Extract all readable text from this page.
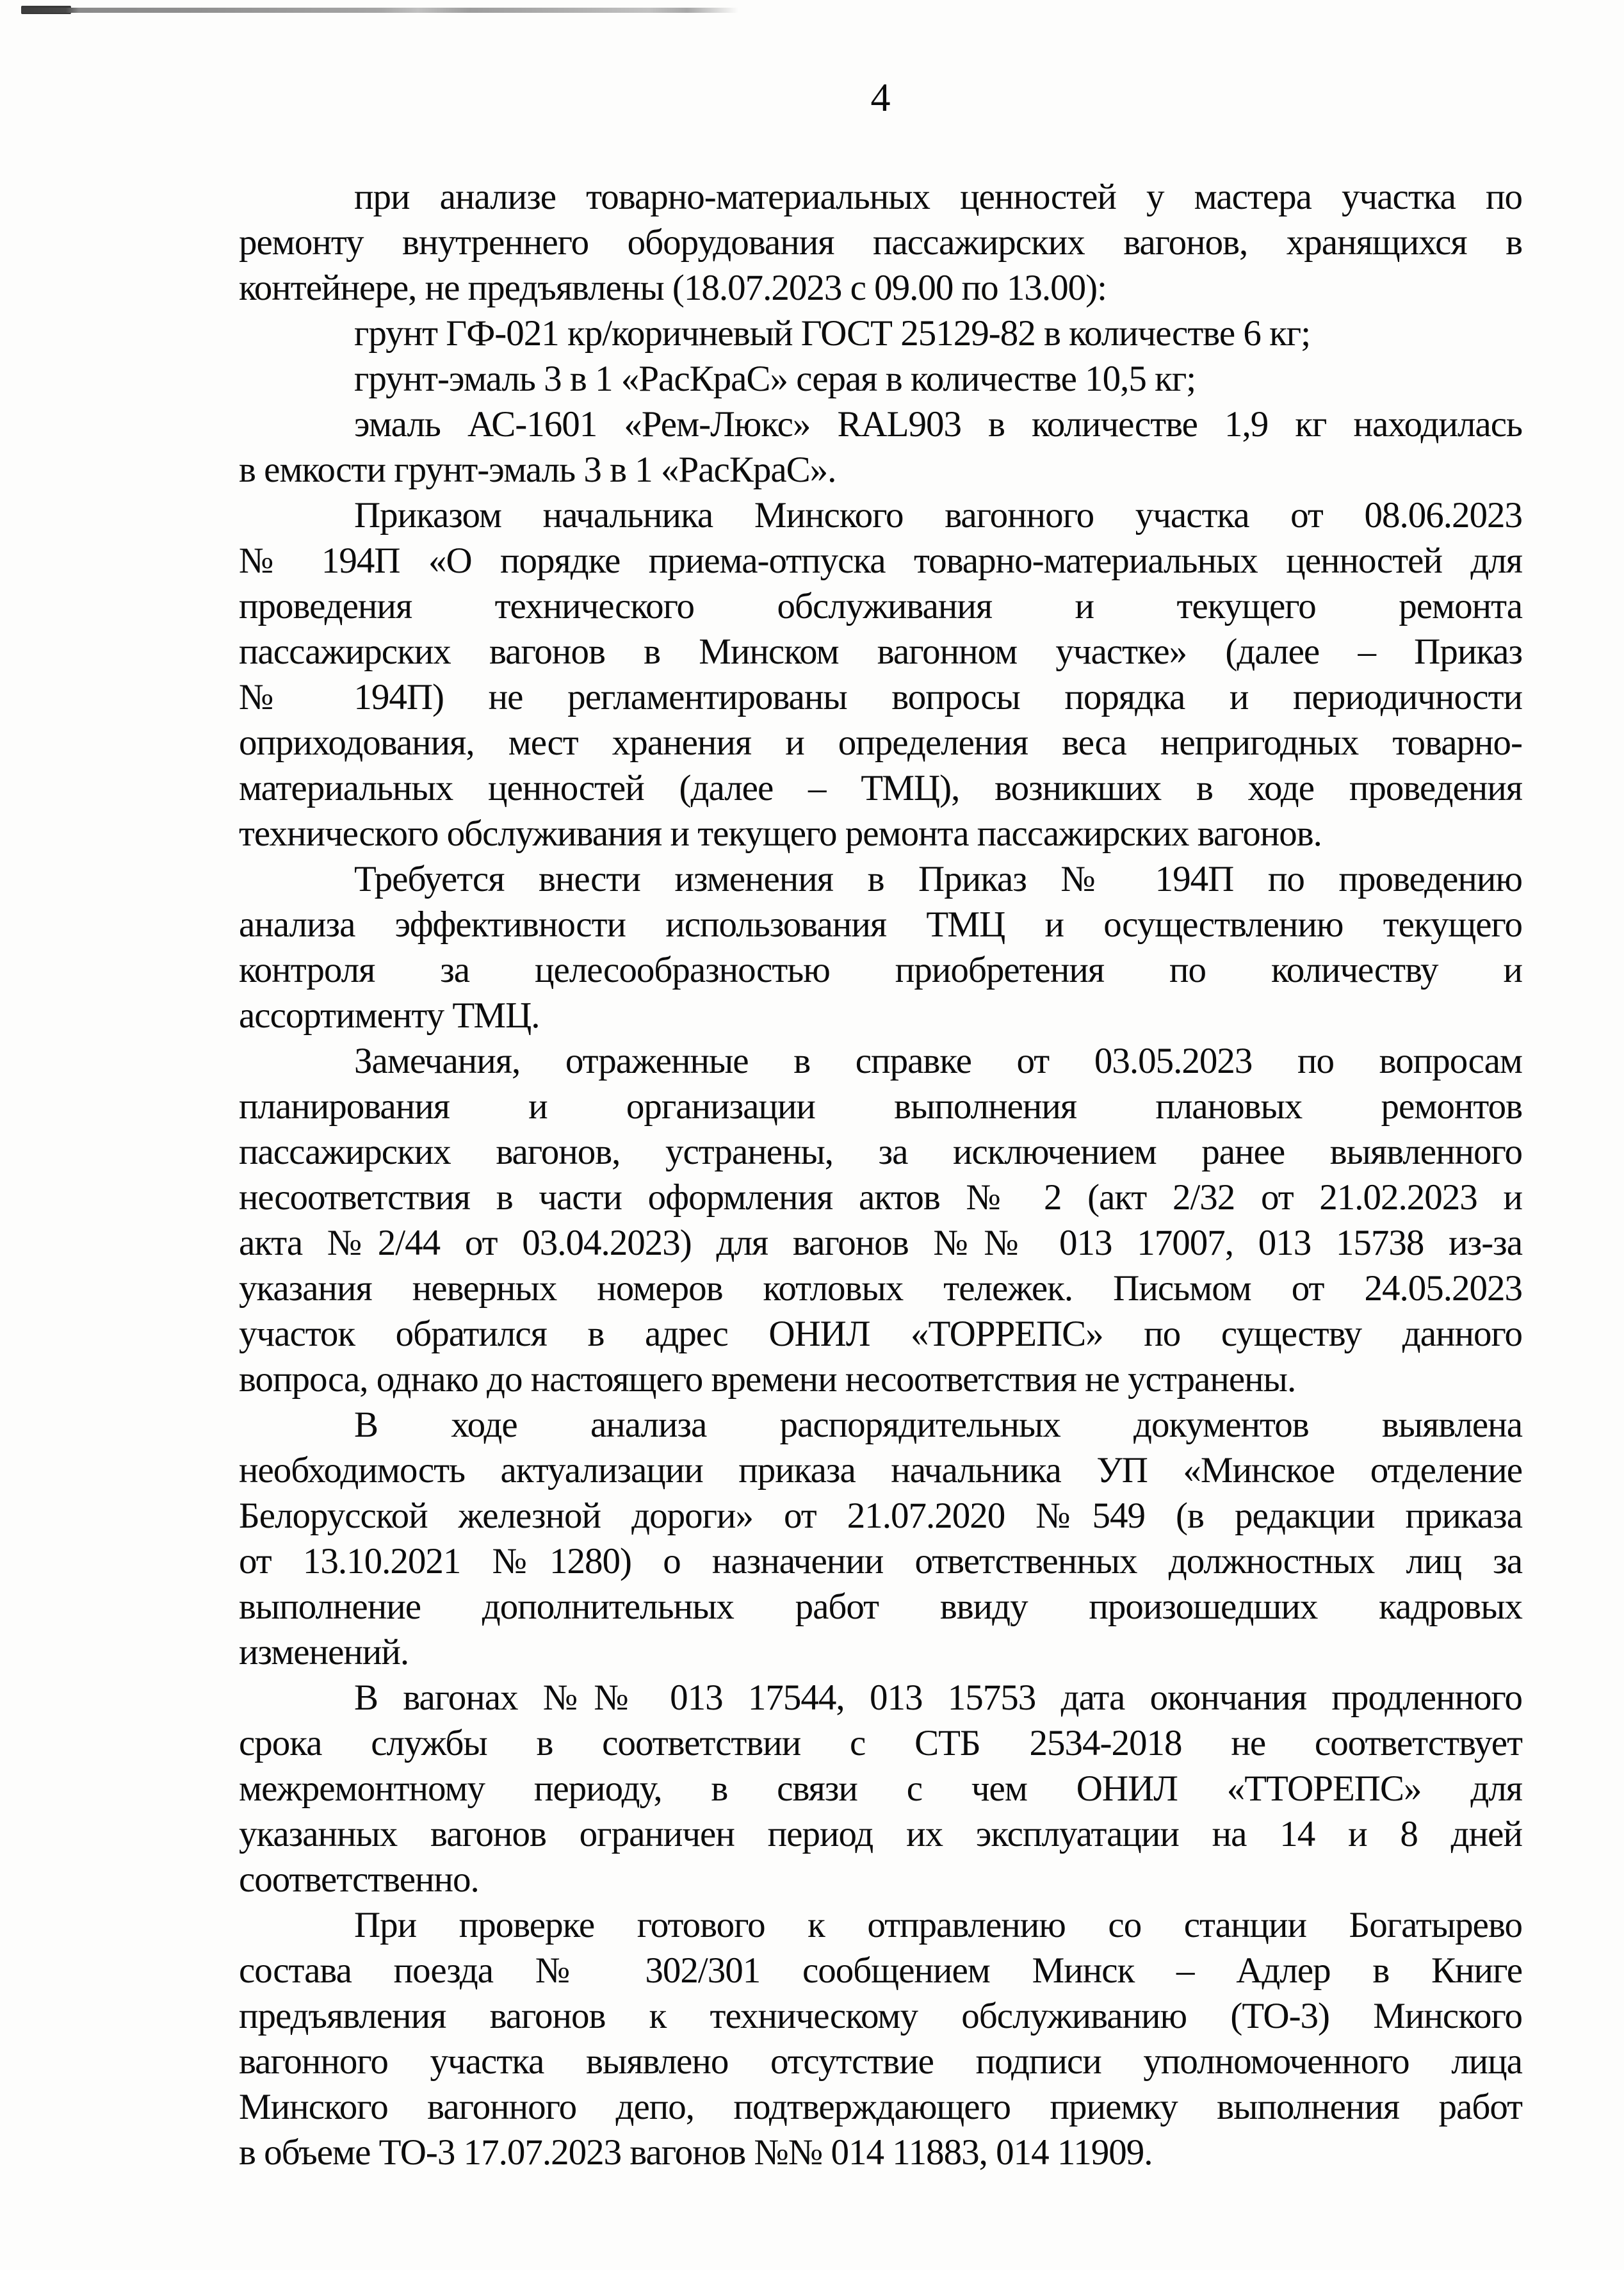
4
при анализе товарно-материальных ценностей у мастера участка по
ремонту внутреннего оборудования пассажирских вагонов, хранящихся в
контейнере, не предъявлены (18.07.2023 с 09.00 по 13.00):
грунт ГФ-021 кр/коричневый ГОСТ 25129-82 в количестве 6 кг;
грунт-эмаль 3 в 1 «РасКраС» серая в количестве 10,5 кг;
эмаль АС-1601 «Рем-Люкс» RAL903 в количестве 1,9 кг находилась
в емкости грунт-эмаль 3 в 1 «РасКраС».
Приказом начальника Минского вагонного участка от 08.06.2023
№ 194П «О порядке приема-отпуска товарно-материальных ценностей для
проведения технического обслуживания и текущего ремонта
пассажирских вагонов в Минском вагонном участке» (далее – Приказ
№ 194П) не регламентированы вопросы порядка и периодичности
оприходования, мест хранения и определения веса непригодных товарно-
материальных ценностей (далее – ТМЦ), возникших в ходе проведения
технического обслуживания и текущего ремонта пассажирских вагонов.
Требуется внести изменения в Приказ № 194П по проведению
анализа эффективности использования ТМЦ и осуществлению текущего
контроля за целесообразностью приобретения по количеству и
ассортименту ТМЦ.
Замечания, отраженные в справке от 03.05.2023 по вопросам
планирования и организации выполнения плановых ремонтов
пассажирских вагонов, устранены, за исключением ранее выявленного
несоответствия в части оформления актов № 2 (акт 2/32 от 21.02.2023 и
акта №2/44 от 03.04.2023) для вагонов №№ 013 17007, 013 15738 из-за
указания неверных номеров котловых тележек. Письмом от 24.05.2023
участок обратился в адрес ОНИЛ «ТОРРЕПС» по существу данного
вопроса, однако до настоящего времени несоответствия не устранены.
В ходе анализа распорядительных документов выявлена
необходимость актуализации приказа начальника УП «Минское отделение
Белорусской железной дороги» от 21.07.2020 №549 (в редакции приказа
от 13.10.2021 №1280) о назначении ответственных должностных лиц за
выполнение дополнительных работ ввиду произошедших кадровых
изменений.
В вагонах №№ 013 17544, 013 15753 дата окончания продленного
срока службы в соответствии с СТБ 2534-2018 не соответствует
межремонтному периоду, в связи с чем ОНИЛ «ТТОРЕПС» для
указанных вагонов ограничен период их эксплуатации на 14 и 8 дней
соответственно.
При проверке готового к отправлению со станции Богатырево
состава поезда № 302/301 сообщением Минск – Адлер в Книге
предъявления вагонов к техническому обслуживанию (ТО-3) Минского
вагонного участка выявлено отсутствие подписи уполномоченного лица
Минского вагонного депо, подтверждающего приемку выполнения работ
в объеме ТО-3 17.07.2023 вагонов №№ 014 11883, 014 11909.
